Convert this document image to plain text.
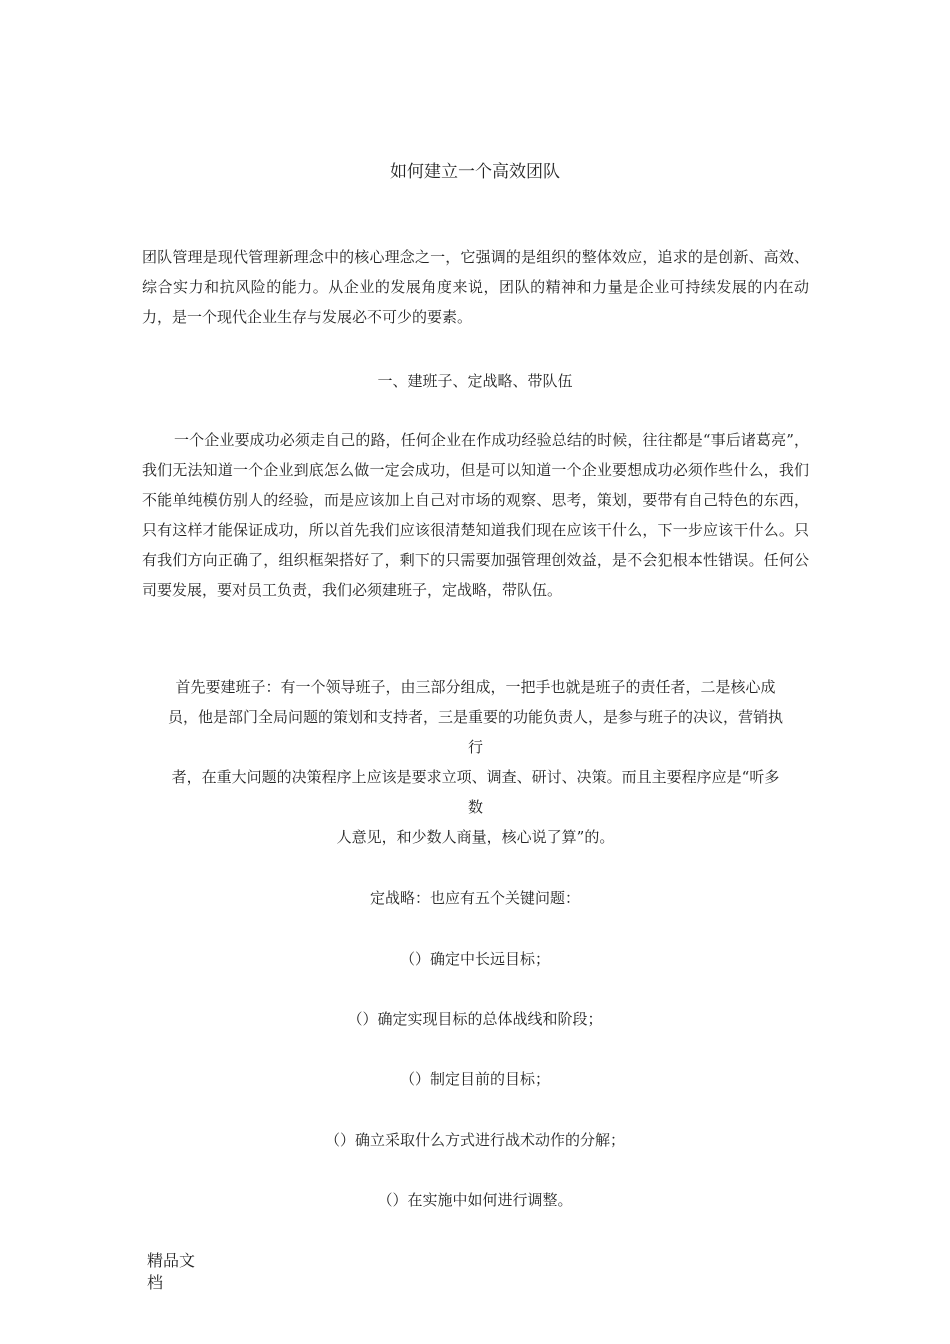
如何建立一个高效团队

团队管理是现代管理新理念中的核心理念之一，它强调的是组织的整体效应，追求的是创新、高效、综合实力和抗风险的能力。从企业的发展角度来说，团队的精神和力量是企业可持续发展的内在动力，是一个现代企业生存与发展必不可少的要素。

一、建班子、定战略、带队伍

一个企业要成功必须走自己的路，任何企业在作成功经验总结的时候，往往都是“事后诸葛亮”，我们无法知道一个企业到底怎么做一定会成功，但是可以知道一个企业要想成功必须作些什么，我们不能单纯模仿别人的经验，而是应该加上自己对市场的观察、思考，策划，要带有自己特色的东西，只有这样才能保证成功，所以首先我们应该很清楚知道我们现在应该干什么，下一步应该干什么。只有我们方向正确了，组织框架搭好了，剩下的只需要加强管理创效益，是不会犯根本性错误。任何公司要发展，要对员工负责，我们必须建班子，定战略，带队伍。

首先要建班子：有一个领导班子，由三部分组成，一把手也就是班子的责任者，二是核心成
员，他是部门全局问题的策划和支持者，三是重要的功能负责人，是参与班子的决议，营销执
行
者，在重大问题的决策程序上应该是要求立项、调查、研讨、决策。而且主要程序应是“听多
数
人意见，和少数人商量，核心说了算”的。
定战略：也应有五个关键问题：
（）确定中长远目标；
（）确定实现目标的总体战线和阶段；
（）制定目前的目标；
（）确立采取什么方式进行战术动作的分解；
（）在实施中如何进行调整。
精品文档
